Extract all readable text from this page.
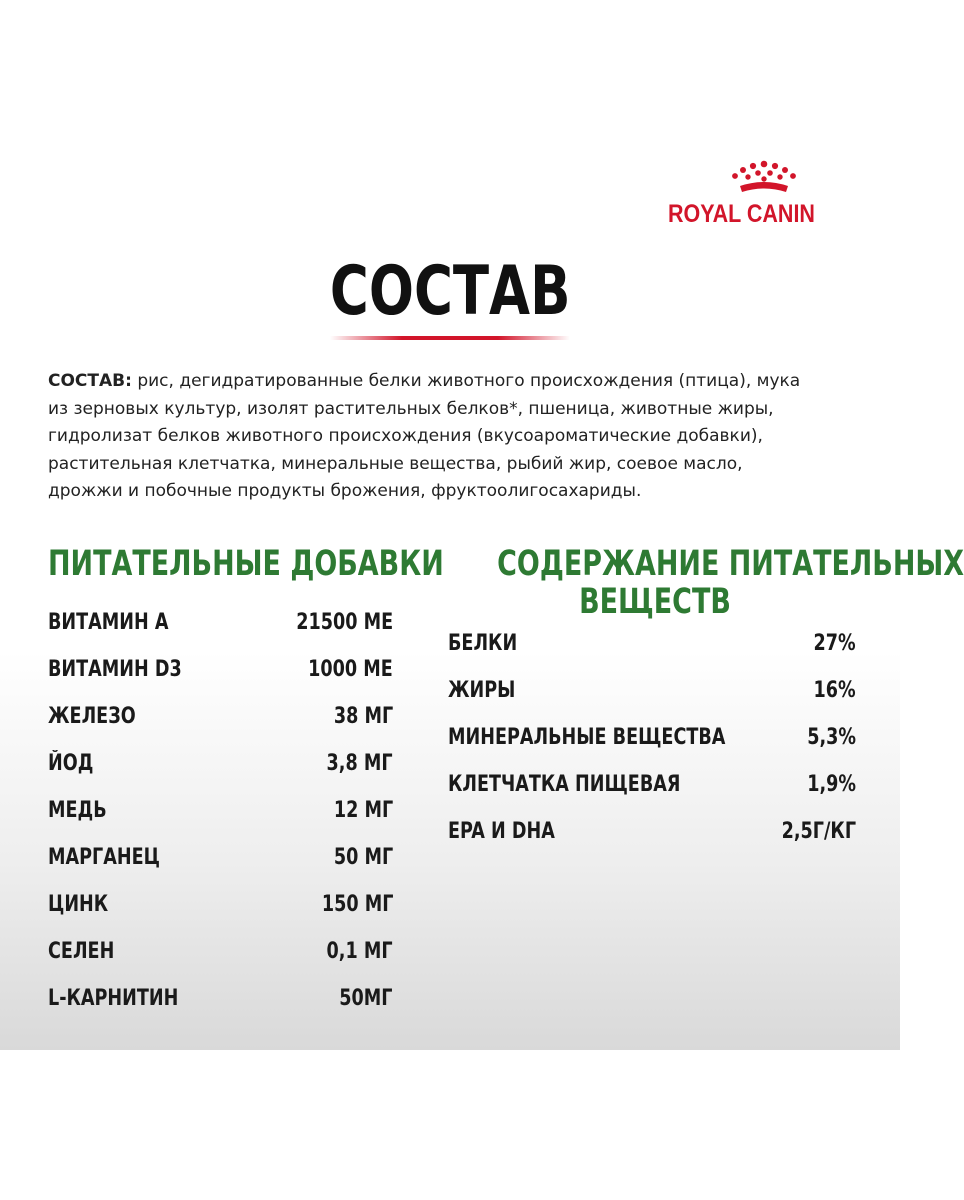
ROYAL CANIN
СОСТАВ
СОСТАВ: рис, дегидратированные белки животного происхождения (птица), мука
из зерновых культур, изолят растительных белков*, пшеница, животные жиры,
гидролизат белков животного происхождения (вкусоароматические добавки),
растительная клетчатка, минеральные вещества, рыбий жир, соевое масло,
дрожжи и побочные продукты брожения, фруктоолигосахариды.
ПИТАТЕЛЬНЫЕ ДОБАВКИ	СОДЕРЖАНИЕ ПИТАТЕЛЬНЫХ
ВЕЩЕСТВ
ВИТАМИН А	21500 МЕ
ВИТАМИН D3	1000 МЕ
ЖЕЛЕЗО	38 МГ
ЙОД	3,8 МГ
МЕДЬ	12 МГ
МАРГАНЕЦ	50 МГ
ЦИНК	150 МГ
СЕЛЕН	0,1 МГ
L-КАРНИТИН	50МГ
БЕЛКИ	27%
ЖИРЫ	16%
МИНЕРАЛЬНЫЕ ВЕЩЕСТВА	5,3%
КЛЕТЧАТКА ПИЩЕВАЯ	1,9%
EPA И DHA	2,5Г/КГ
